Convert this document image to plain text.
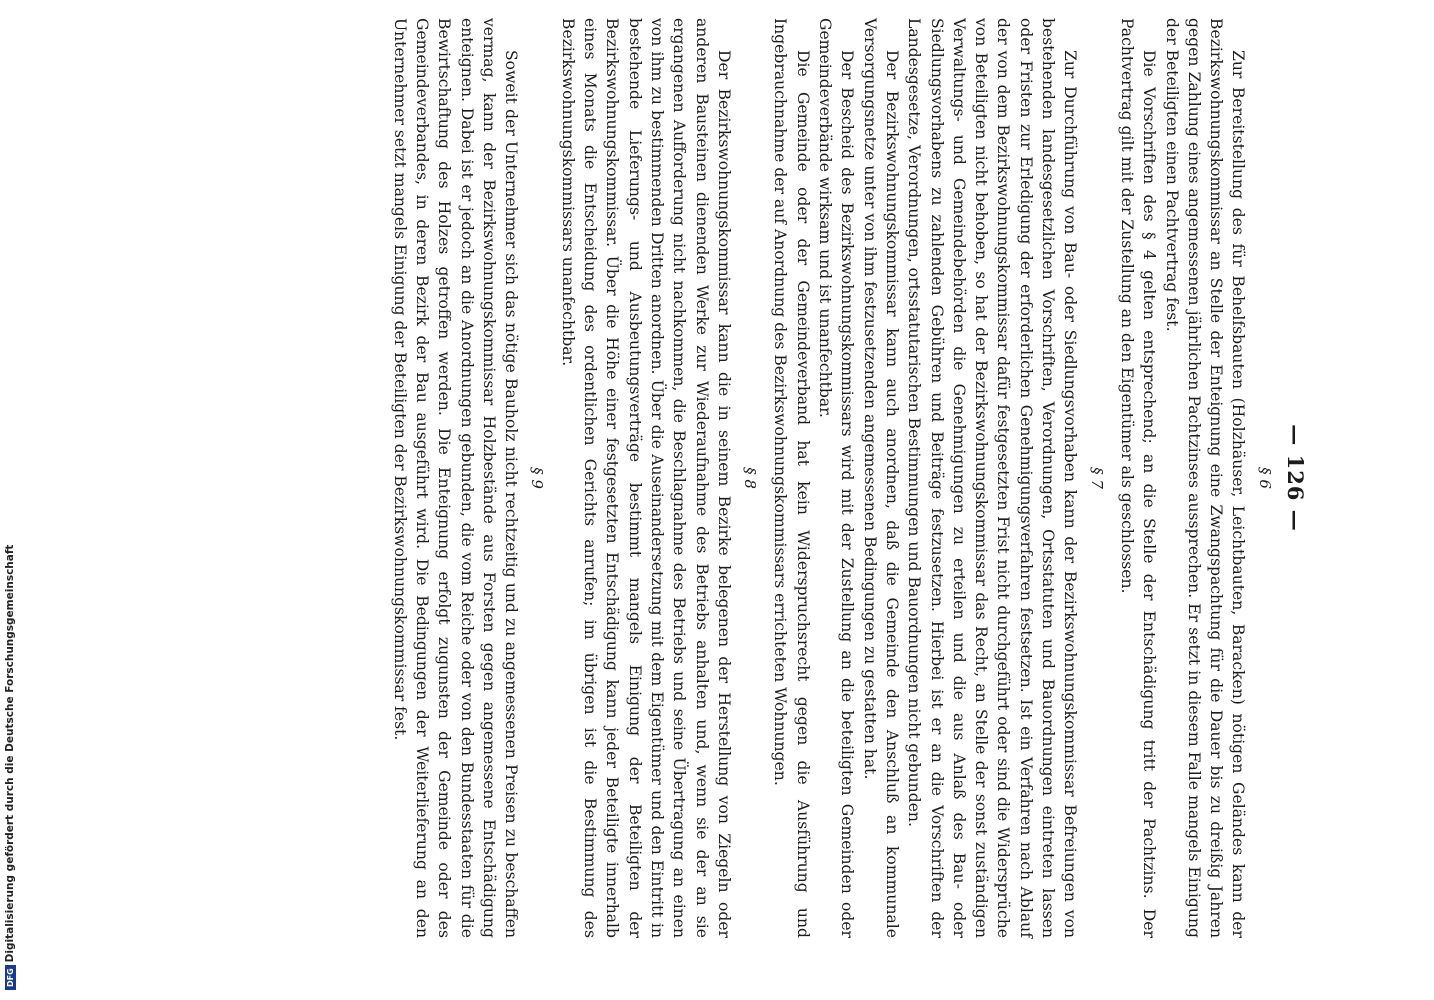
DFGDigitalisierung gefördert durch die Deutsche Forschungsgemeinschaft
— 126 —
§ 6

Zur Bereitstellung des für Behelfsbauten (Holzhäuser, Leichtbauten, Baracken) nötigen Geländes kann der Bezirkswohnungskommissar an Stelle der Enteignung eine Zwangspachtung für die Dauer bis zu dreißig Jahren gegen Zahlung eines angemessenen jährlichen Pachtzinses aussprechen. Er setzt in diesem Falle mangels Einigung der Beteiligten einen Pachtvertrag fest.

Die Vorschriften des § 4 gelten entsprechend; an die Stelle der Entschädigung tritt der Pachtzins. Der Pachtvertrag gilt mit der Zustellung an den Eigentümer als geschlossen.

§ 7

Zur Durchführung von Bau- oder Siedlungsvorhaben kann der Bezirkswohnungskommissar Befreiungen von bestehenden landesgesetzlichen Vorschriften, Verordnungen, Ortsstatuten und Bauordnungen eintreten lassen oder Fristen zur Erledigung der erforderlichen Genehmigungsverfahren festsetzen. Ist ein Verfahren nach Ablauf der von dem Bezirkswohnungskommissar dafür festgesetzten Frist nicht durchgeführt oder sind die Widersprüche von Beteiligten nicht behoben, so hat der Bezirkswohnungskommissar das Recht, an Stelle der sonst zuständigen Verwaltungs- und Gemeindebehörden die Genehmigungen zu erteilen und die aus Anlaß des Bau- oder Siedlungsvorhabens zu zahlenden Gebühren und Beiträge festzusetzen. Hierbei ist er an die Vorschriften der Landesgesetze, Verordnungen, ortsstatutarischen Bestimmungen und Bauordnungen nicht gebunden.

Der Bezirkswohnungskommissar kann auch anordnen, daß die Gemeinde den Anschluß an kommunale Versorgungsnetze unter von ihm festzusetzenden angemessenen Bedingungen zu gestatten hat.

Der Bescheid des Bezirkswohnungskommissars wird mit der Zustellung an die beteiligten Gemeinden oder Gemeindeverbände wirksam und ist unanfechtbar.

Die Gemeinde oder der Gemeindeverband hat kein Widerspruchsrecht gegen die Ausführung und Ingebrauchnahme der auf Anordnung des Bezirkswohnungskommissars errichteten Wohnungen.

§ 8

Der Bezirkswohnungskommissar kann die in seinem Bezirke belegenen der Herstellung von Ziegeln oder anderen Bausteinen dienenden Werke zur Wiederaufnahme des Betriebs anhalten und, wenn sie der an sie ergangenen Aufforderung nicht nachkommen, die Beschlagnahme des Betriebs und seine Übertragung an einen von ihm zu bestimmenden Dritten anordnen. Über die Auseinandersetzung mit dem Eigentümer und den Eintritt in bestehende Lieferungs- und Ausbeutungsverträge bestimmt mangels Einigung der Beteiligten der Bezirkswohnungskommissar. Über die Höhe einer festgesetzten Entschädigung kann jeder Beteiligte innerhalb eines Monats die Entscheidung des ordentlichen Gerichts anrufen; im übrigen ist die Bestimmung des Bezirkswohnungskommissars unanfechtbar.

§ 9

Soweit der Unternehmer sich das nötige Bauholz nicht rechtzeitig und zu angemessenen Preisen zu beschaffen vermag, kann der Bezirkswohnungskommissar Holzbestände aus Forsten gegen angemessene Entschädigung enteignen. Dabei ist er jedoch an die Anordnungen gebunden, die vom Reiche oder von den Bundesstaaten für die Bewirtschaftung des Holzes getroffen werden. Die Enteignung erfolgt zugunsten der Gemeinde oder des Gemeindeverbandes, in deren Bezirk der Bau ausgeführt wird. Die Bedingungen der Weiterlieferung an den Unternehmer setzt mangels Einigung der Beteiligten der Bezirkswohnungskommissar fest.
